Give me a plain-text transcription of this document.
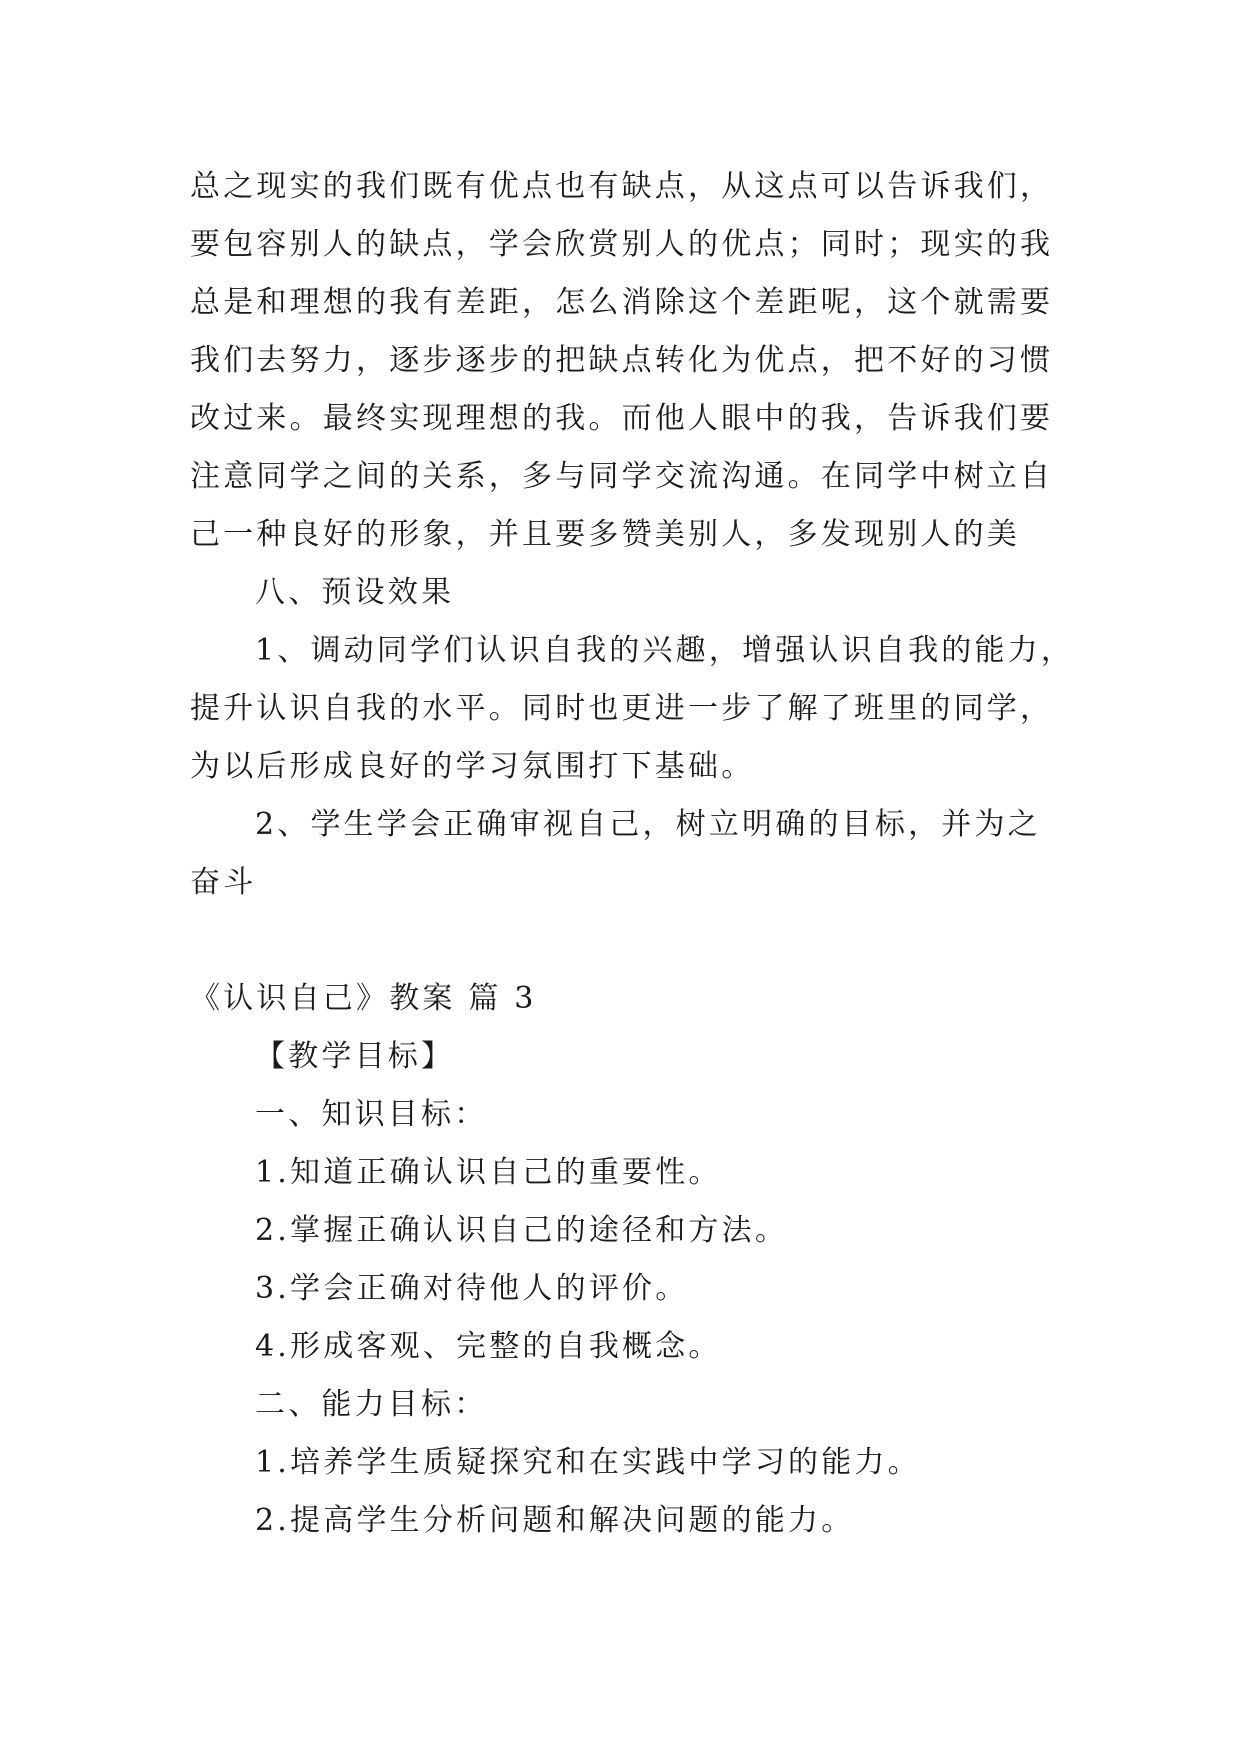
总之现实的我们既有优点也有缺点，从这点可以告诉我们，
要包容别人的缺点，学会欣赏别人的优点；同时；现实的我
总是和理想的我有差距，怎么消除这个差距呢，这个就需要
我们去努力，逐步逐步的把缺点转化为优点，把不好的习惯
改过来。最终实现理想的我。而他人眼中的我，告诉我们要
注意同学之间的关系，多与同学交流沟通。在同学中树立自
己一种良好的形象，并且要多赞美别人，多发现别人的美
八、预设效果
1、调动同学们认识自我的兴趣，增强认识自我的能力，
提升认识自我的水平。同时也更进一步了解了班里的同学，
为以后形成良好的学习氛围打下基础。
2、学生学会正确审视自己，树立明确的目标，并为之
奋斗
《认识自己》教案 篇 3
【教学目标】
一、知识目标：
1.知道正确认识自己的重要性。
2.掌握正确认识自己的途径和方法。
3.学会正确对待他人的评价。
4.形成客观、完整的自我概念。
二、能力目标：
1.培养学生质疑探究和在实践中学习的能力。
2.提高学生分析问题和解决问题的能力。
